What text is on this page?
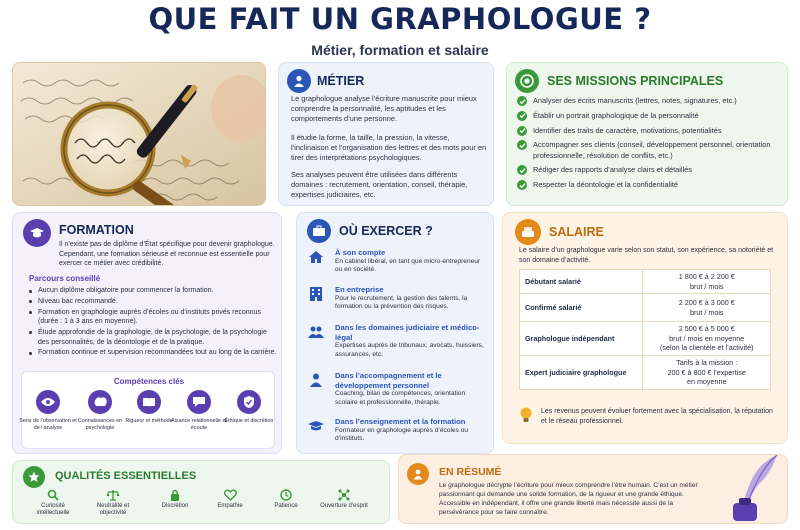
QUE FAIT UN GRAPHOLOGUE ?
Métier, formation et salaire
MÉTIER
Le graphologue analyse l’écriture manuscrite pour mieux comprendre la personnalité, les aptitudes et les comportements d’une personne.
Il étudie la forme, la taille, la pression, la vitesse, l’inclinaison et l’organisation des lettres et des mots pour en tirer des interprétations psychologiques.
Ses analyses peuvent être utilisées dans différents domaines : recrutement, orientation, conseil, thérapie, expertises judiciaires, etc.
SES MISSIONS PRINCIPALES
Analyser des écrits manuscrits (lettres, notes, signatures, etc.)
Établir un portrait graphologique de la personnalité
Identifier des traits de caractère, motivations, potentialités
Accompagner ses clients (conseil, développement personnel, orientation professionnelle, résolution de conflits, etc.)
Rédiger des rapports d’analyse clairs et détaillés
Respecter la déontologie et la confidentialité
FORMATION
Il n’existe pas de diplôme d’État spécifique pour devenir graphologue. Cependant, une formation sérieuse et reconnue est essentielle pour exercer ce métier avec crédibilité.
Parcours conseillé
Aucun diplôme obligatoire pour commencer la formation.
Niveau bac recommandé.
Formation en graphologie auprès d’écoles ou d’instituts privés reconnus (durée : 1 à 3 ans en moyenne).
Étude approfondie de la graphologie, de la psychologie, de la psychologie des personnalités, de la déontologie et de la pratique.
Formation continue et supervision recommandées tout au long de la carrière.
Compétences clés
Sens de l’observation et de l’analyse
Connaissances en psychologie
Rigueur et méthode
Aisance relationnelle et écoute
Éthique et discrétion
OÙ EXERCER ?
À son compte
En cabinet libéral, en tant que micro-entrepreneur ou en société.
En entreprise
Pour le recrutement, la gestion des talents, la formation ou la prévention des risques.
Dans les domaines judiciaire et médico-légal
Expertises auprès de tribunaux, avocats, huissiers, assurances, etc.
Dans l’accompagnement et le développement personnel
Coaching, bilan de compétences, orientation scolaire et professionnelle, thérapie.
Dans l’enseignement et la formation
Formateur en graphologie auprès d’écoles ou d’instituts.
SALAIRE
Le salaire d’un graphologue varie selon son statut, son expérience, sa notoriété et son domaine d’activité.
Débutant salarié	1 800 € à 2 200 €
brut / mois
Confirmé salarié	2 200 € à 3 000 €
brut / mois
Graphologue indépendant	2 500 € à 5 000 €
brut / mois en moyenne
(selon la clientèle et l’activité)
Expert judiciaire graphologue	Tarifs à la mission :
200 € à 800 € l’expertise
en moyenne
Les revenus peuvent évoluer fortement avec la spécialisation, la réputation et le réseau professionnel.
QUALITÉS ESSENTIELLES
Curiosité intellectuelle
Neutralité et objectivité
Discrétion	Empathie	Patience	Ouverture d’esprit
EN RÉSUMÉ
Le graphologue décrypte l’écriture pour mieux comprendre l’être humain. C’est un métier passionnant qui demande une solide formation, de la rigueur et une grande éthique. Accessible en indépendant, il offre une grande liberté mais nécessite aussi de la persévérance pour se faire connaître.
